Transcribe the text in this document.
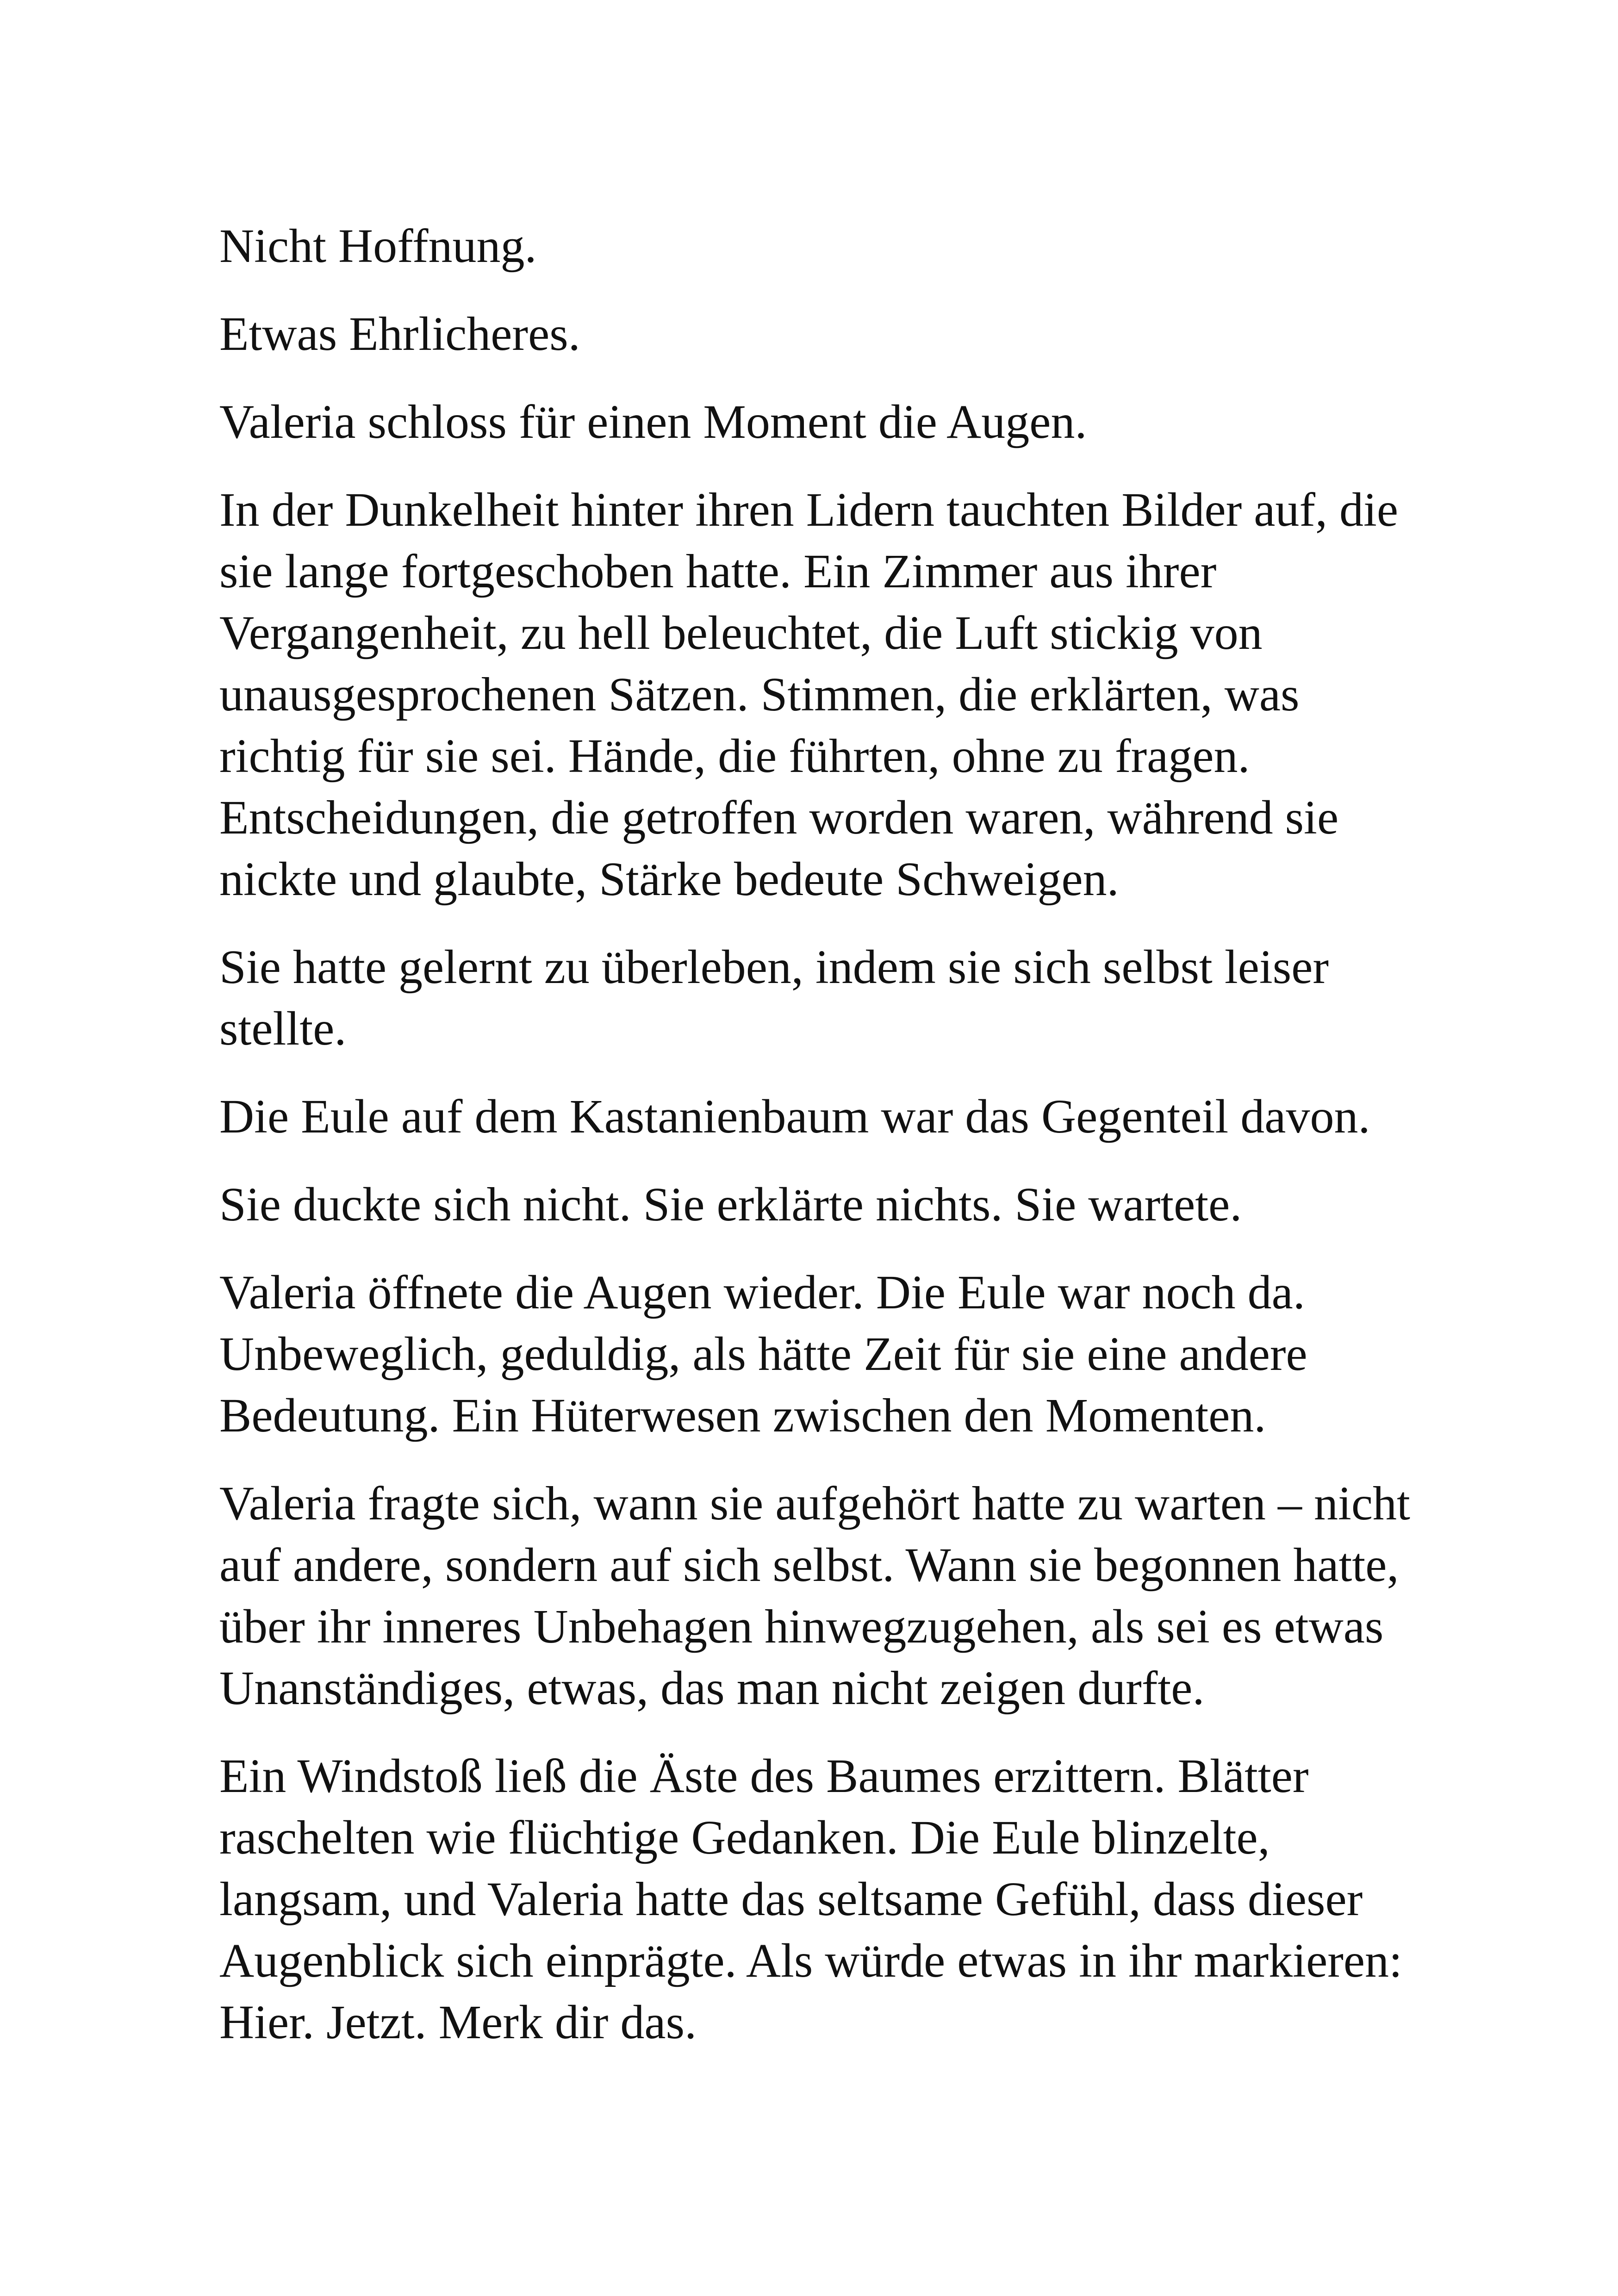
Nicht Hoffnung.

Etwas Ehrlicheres.

Valeria schloss für einen Moment die Augen.

In der Dunkelheit hinter ihren Lidern tauchten Bilder auf, die sie lange fortgeschoben hatte. Ein Zimmer aus ihrer Vergangenheit, zu hell beleuchtet, die Luft stickig von unausgesprochenen Sätzen. Stimmen, die erklärten, was richtig für sie sei. Hände, die führten, ohne zu fragen. Entscheidungen, die getroffen worden waren, während sie nickte und glaubte, Stärke bedeute Schweigen.

Sie hatte gelernt zu überleben, indem sie sich selbst leiser stellte.

Die Eule auf dem Kastanienbaum war das Gegenteil davon.

Sie duckte sich nicht. Sie erklärte nichts. Sie wartete.

Valeria öffnete die Augen wieder. Die Eule war noch da. Unbeweglich, geduldig, als hätte Zeit für sie eine andere Bedeutung. Ein Hüterwesen zwischen den Momenten.

Valeria fragte sich, wann sie aufgehört hatte zu warten – nicht auf andere, sondern auf sich selbst. Wann sie begonnen hatte, über ihr inneres Unbehagen hinwegzugehen, als sei es etwas Unanständiges, etwas, das man nicht zeigen durfte.

Ein Windstoß ließ die Äste des Baumes erzittern. Blätter raschelten wie flüchtige Gedanken. Die Eule blinzelte, langsam, und Valeria hatte das seltsame Gefühl, dass dieser Augenblick sich einprägte. Als würde etwas in ihr markieren: Hier. Jetzt. Merk dir das.
